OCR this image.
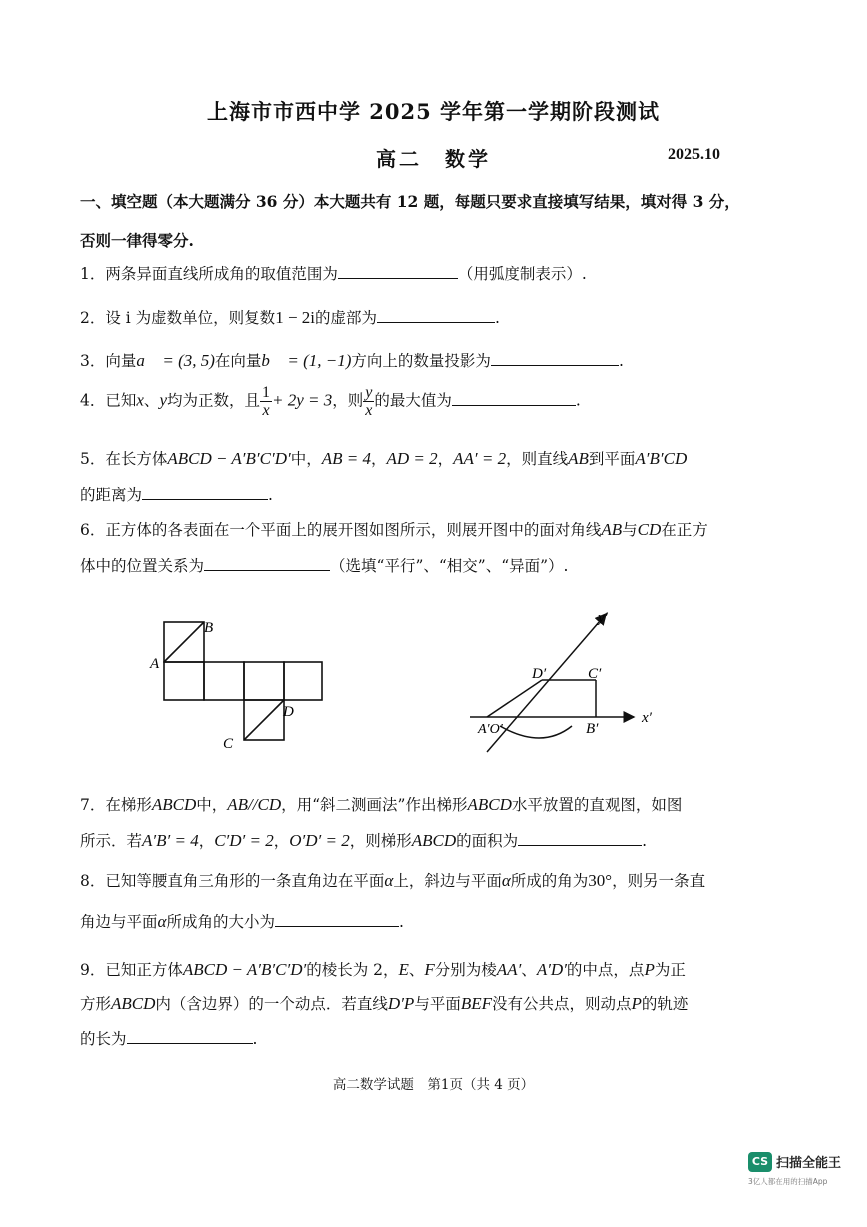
上海市市西中学 2025 学年第一学期阶段测试
高二　数学	2025.10
一、填空题（本大题满分 36 分）本大题共有 12 题，每题只要求直接填写结果，填对得 3 分，
否则一律得零分.
1．两条异面直线所成角的取值范围为	（用弧度制表示）.
2．设 i 为虚数单位，则复数1 − 2i的虚部为	.
3．向量a⃗ = (3, 5)在向量b⃗ = (1, −1)方向上的数量投影为	.
4．已知x、y均为正数，且 $\frac{1}{x} + 2y = 3$，则 $\frac{y}{x}$ 的最大值为	.
5．在长方体ABCD − A′B′C′D′中，AB = 4，AD = 2，AA′ = 2，则直线AB到平面A′B′CD
的距离为	.
6．正方体的各表面在一个平面上的展开图如图所示，则展开图中的面对角线AB与CD在正方
体中的位置关系为	（选填“平行”、“相交”、“异面”）.
B
A
C
D
y′
x′
D′	C′
A′O′	B′
7．在梯形ABCD中，AB//CD，用“斜二测画法”作出梯形ABCD水平放置的直观图，如图
所示．若A′B′ = 4，C′D′ = 2，O′D′ = 2，则梯形ABCD的面积为	.
8．已知等腰直角三角形的一条直角边在平面α上，斜边与平面α所成的角为30°，则另一条直
角边与平面α所成角的大小为	.
9．已知正方体ABCD − A′B′C′D′的棱长为 2，E、F分别为棱AA′、A′D′的中点，点P为正
方形ABCD内（含边界）的一个动点．若直线D′P与平面BEF没有公共点，则动点P的轨迹
的长为	.
高二数学试题　第1页（共 4 页）
CS 扫描全能王
3亿人都在用的扫描App
